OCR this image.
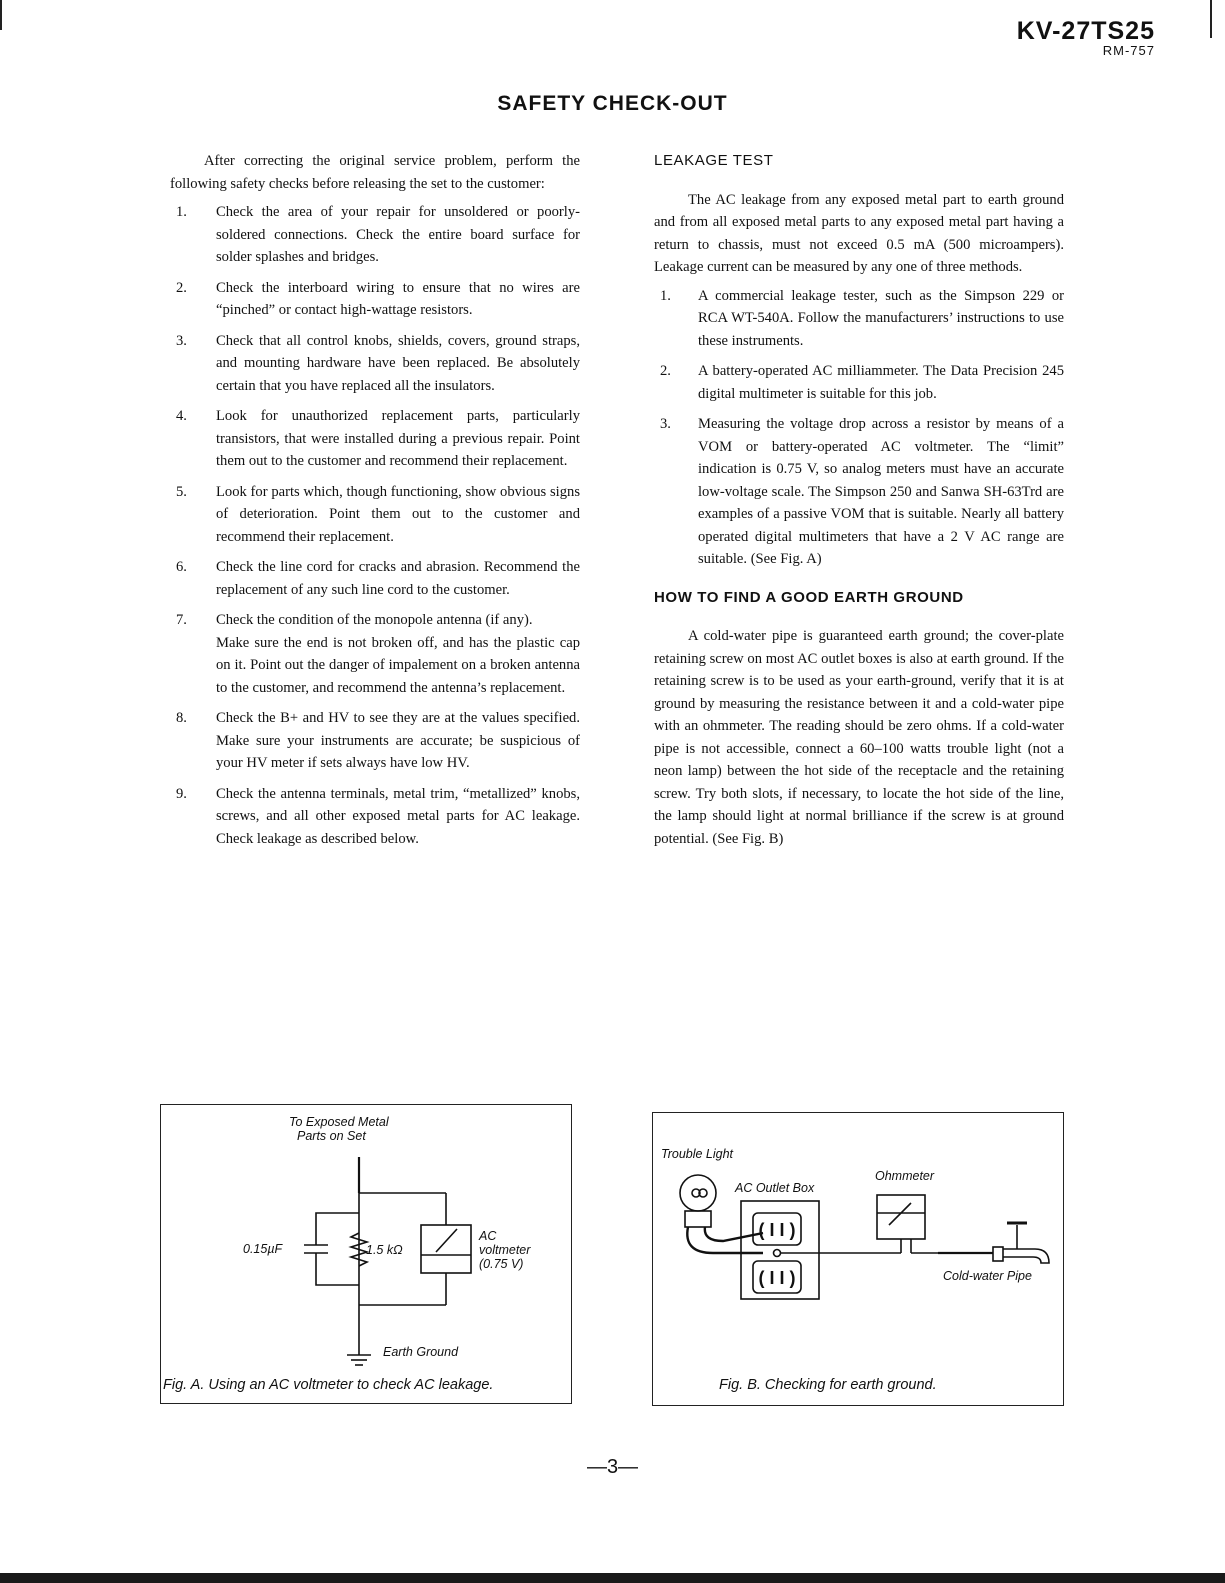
KV-27TS25
RM-757
SAFETY CHECK-OUT

After correcting the original service problem, perform the following safety checks before releasing the set to the customer:

1. Check the area of your repair for unsoldered or poorly-soldered connections. Check the entire board surface for solder splashes and bridges.
2. Check the interboard wiring to ensure that no wires are “pinched” or contact high-wattage resistors.
3. Check that all control knobs, shields, covers, ground straps, and mounting hardware have been replaced. Be absolutely certain that you have replaced all the insulators.
4. Look for unauthorized replacement parts, particularly transistors, that were installed during a previous repair. Point them out to the customer and recommend their replacement.
5. Look for parts which, though functioning, show obvious signs of deterioration. Point them out to the customer and recommend their replacement.
6. Check the line cord for cracks and abrasion. Recommend the replacement of any such line cord to the customer.
7. Check the condition of the monopole antenna (if any).
Make sure the end is not broken off, and has the plastic cap on it. Point out the danger of impalement on a broken antenna to the customer, and recommend the antenna’s replacement.
8. Check the B+ and HV to see they are at the values specified. Make sure your instruments are accurate; be suspicious of your HV meter if sets always have low HV.
9. Check the antenna terminals, metal trim, “metallized” knobs, screws, and all other exposed metal parts for AC leakage. Check leakage as described below.
LEAKAGE TEST

The AC leakage from any exposed metal part to earth ground and from all exposed metal parts to any exposed metal part having a return to chassis, must not exceed 0.5 mA (500 microampers). Leakage current can be measured by any one of three methods.

1. A commercial leakage tester, such as the Simpson 229 or RCA WT-540A. Follow the manufacturers’ instructions to use these instruments.
2. A battery-operated AC milliammeter. The Data Precision 245 digital multimeter is suitable for this job.
3. Measuring the voltage drop across a resistor by means of a VOM or battery-operated AC voltmeter. The “limit” indication is 0.75 V, so analog meters must have an accurate low-voltage scale. The Simpson 250 and Sanwa SH-63Trd are examples of a passive VOM that is suitable. Nearly all battery operated digital multimeters that have a 2 V AC range are suitable. (See Fig. A)
HOW TO FIND A GOOD EARTH GROUND

A cold-water pipe is guaranteed earth ground; the cover-plate retaining screw on most AC outlet boxes is also at earth ground. If the retaining screw is to be used as your earth-ground, verify that it is at ground by measuring the resistance between it and a cold-water pipe with an ohmmeter. The reading should be zero ohms. If a cold-water pipe is not accessible, connect a 60–100 watts trouble light (not a neon lamp) between the hot side of the receptacle and the retaining screw. Try both slots, if necessary, to locate the hot side of the line, the lamp should light at normal brilliance if the screw is at ground potential. (See Fig. B)

To Exposed Metal
Parts on Set
0.15µF	1.5 kΩ
AC
voltmeter
(0.75 V)
Earth Ground
Fig. A. Using an AC voltmeter to check AC leakage.
( I I )
( I I )
Trouble Light
AC Outlet Box
Ohmmeter
Cold-water Pipe
Fig. B. Checking for earth ground.
—3—
